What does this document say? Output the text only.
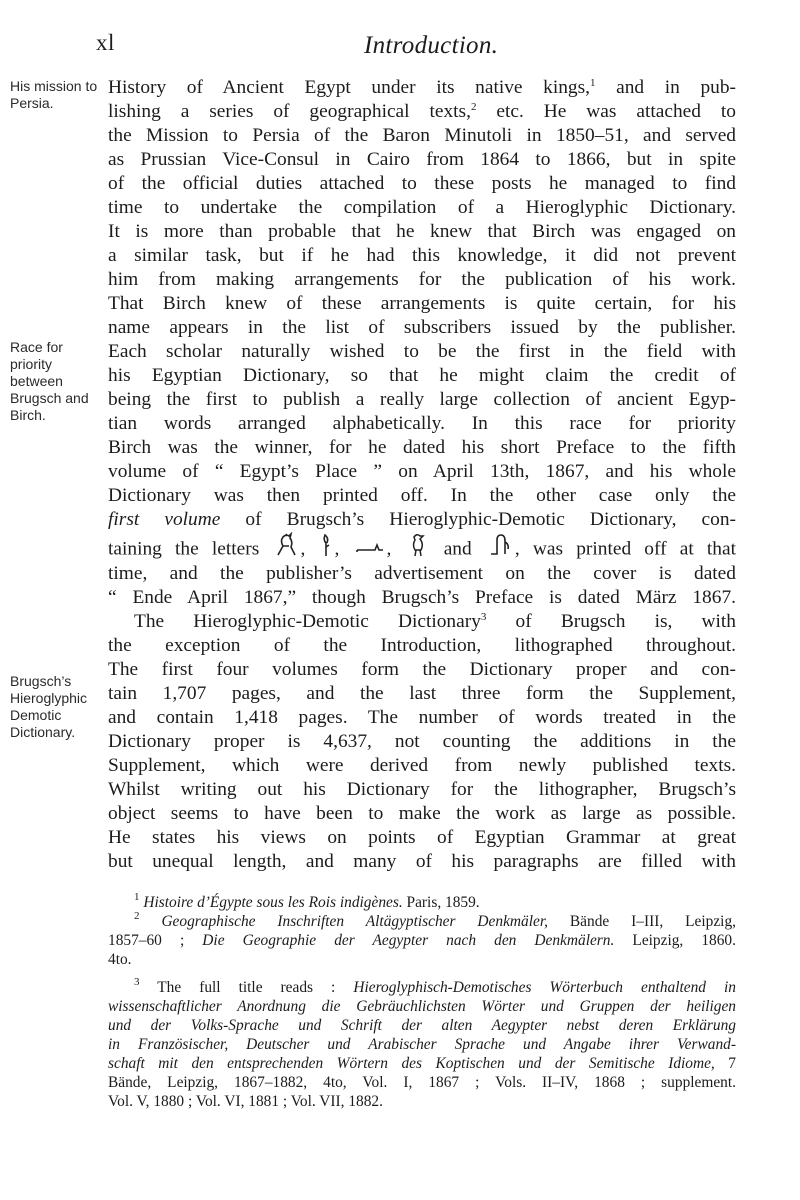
xl	Introduction.
His mission to
Persia.
Race for
priority
between
Brugsch and
Birch.
Brugsch’s
Hieroglyphic
Demotic
Dictionary.
History of Ancient Egypt under its native kings,$^1$ and in pub-
lishing a series of geographical texts,$^2$ etc. He was attached to
the Mission to Persia of the Baron Minutoli in 1850–51, and served
as Prussian Vice-Consul in Cairo from 1864 to 1866, but in spite
of the official duties attached to these posts he managed to find
time to undertake the compilation of a Hieroglyphic Dictionary.
It is more than probable that he knew that Birch was engaged on
a similar task, but if he had this knowledge, it did not prevent
him from making arrangements for the publication of his work.
That Birch knew of these arrangements is quite certain, for his
name appears in the list of subscribers issued by the publisher.
Each scholar naturally wished to be the first in the field with
his Egyptian Dictionary, so that he might claim the credit of
being the first to publish a really large collection of ancient Egyp-
tian words arranged alphabetically. In this race for priority
Birch was the winner, for he dated his short Preface to the fifth
volume of “ Egypt’s Place ” on April 13th, 1867, and his whole
Dictionary was then printed off. In the other case only the
first volume of Brugsch’s Hieroglyphic-Demotic Dictionary, con-
taining the letters , , ,	and , was printed off at that
time, and the publisher’s advertisement on the cover is dated
“ Ende April 1867,” though Brugsch’s Preface is dated März 1867.
The Hieroglyphic-Demotic Dictionary$^3$ of Brugsch is, with
the exception of the Introduction, lithographed throughout.
The first four volumes form the Dictionary proper and con-
tain 1,707 pages, and the last three form the Supplement,
and contain 1,418 pages. The number of words treated in the
Dictionary proper is 4,637, not counting the additions in the
Supplement, which were derived from newly published texts.
Whilst writing out his Dictionary for the lithographer, Brugsch’s
object seems to have been to make the work as large as possible.
He states his views on points of Egyptian Grammar at great
but unequal length, and many of his paragraphs are filled with
$^1$ Histoire d’Égypte sous les Rois indigènes. Paris, 1859.
$^2$ Geographische Inschriften Altägyptischer Denkmäler, Bände I–III, Leipzig,
1857–60 ; Die Geographie der Aegypter nach den Denkmälern. Leipzig, 1860.
4to.
$^3$ The full title reads : Hieroglyphisch-Demotisches Wörterbuch enthaltend in
wissenschaftlicher Anordnung die Gebräuchlichsten Wörter und Gruppen der heiligen
und der Volks-Sprache und Schrift der alten Aegypter nebst deren Erklärung
in Französischer, Deutscher und Arabischer Sprache und Angabe ihrer Verwand-
schaft mit den entsprechenden Wörtern des Koptischen und der Semitische Idiome, 7
Bände, Leipzig, 1867–1882, 4to, Vol. I, 1867 ; Vols. II–IV, 1868 ; supplement.
Vol. V, 1880 ; Vol. VI, 1881 ; Vol. VII, 1882.
